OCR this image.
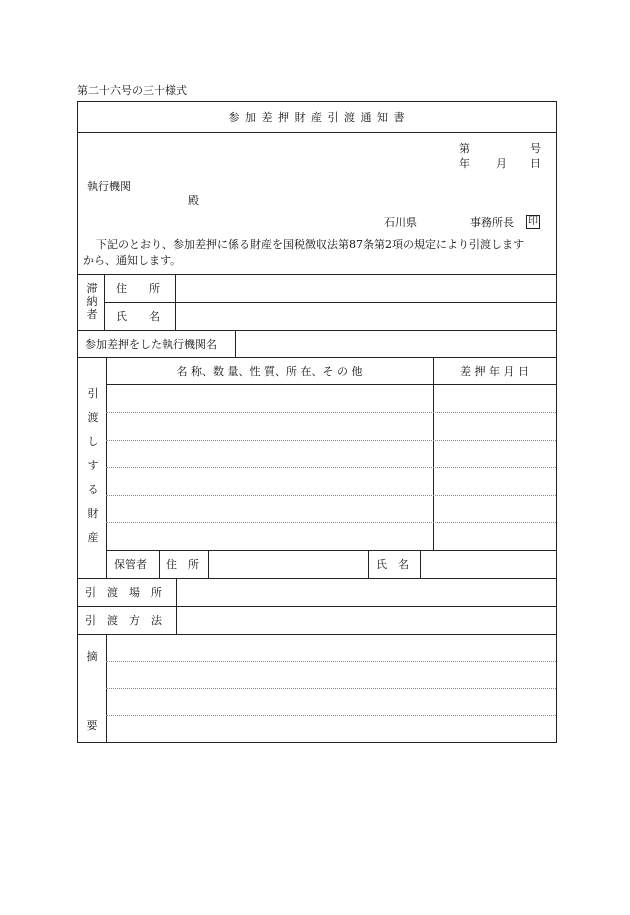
第二十六号の三十様式
参 加 差 押 財 産 引 渡 通 知 書
第	号
年 月 日
執行機関
殿
石川県	事務所長 印
下記のとおり、参加差押に係る財産を国税徴収法第87条第2項の規定により引渡します
から、通知します。
滞
納
者
住　　所
氏　　名
参加差押をした執行機関名
引
渡
し
す
る
財
産
名 称、数 量、性 質、所 在、そ の 他	差 押 年 月 日
保管者 住　所	氏　名
引　渡　場　所
引　渡　方　法
摘
要
